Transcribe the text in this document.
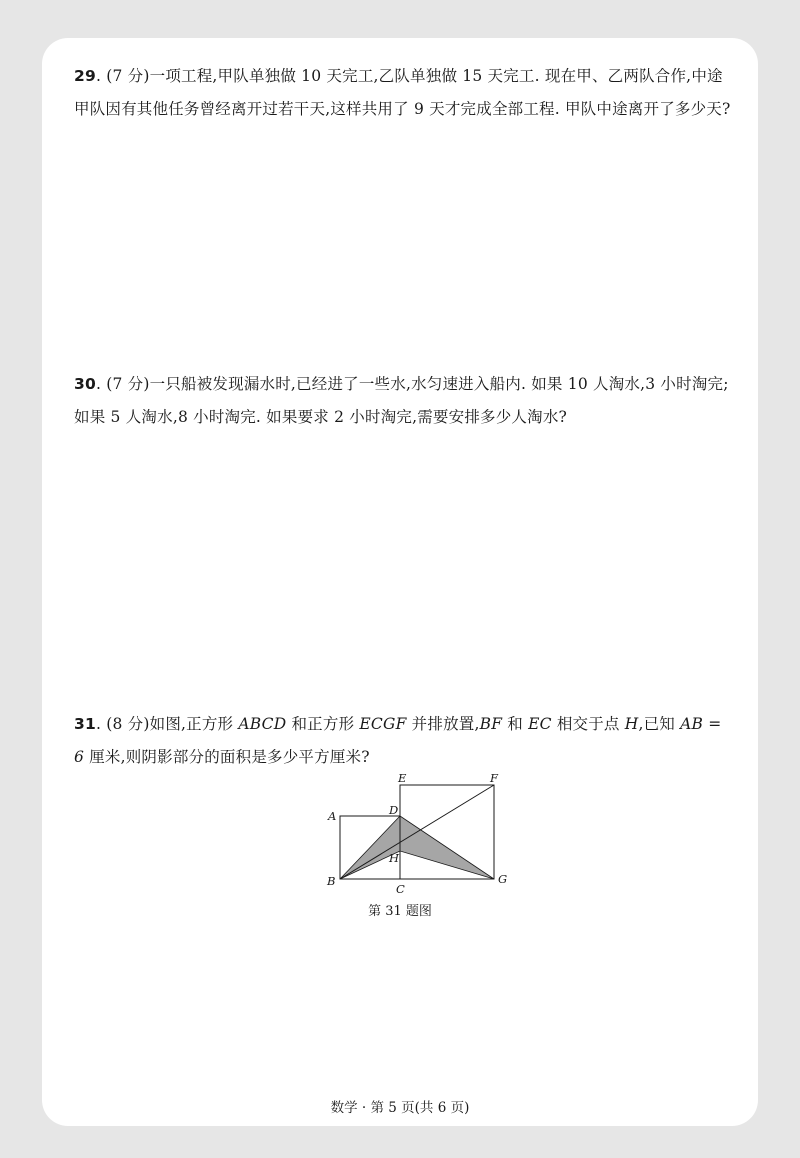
29. (7 分)一项工程,甲队单独做 10 天完工,乙队单独做 15 天完工. 现在甲、乙两队合作,中途甲队因有其他任务曾经离开过若干天,这样共用了 9 天才完成全部工程. 甲队中途离开了多少天?
30. (7 分)一只船被发现漏水时,已经进了一些水,水匀速进入船内. 如果 10 人淘水,3 小时淘完;如果 5 人淘水,8 小时淘完. 如果要求 2 小时淘完,需要安排多少人淘水?
31. (8 分)如图,正方形 ABCD 和正方形 ECGF 并排放置,BF 和 EC 相交于点 H,已知 AB = 6 厘米,则阴影部分的面积是多少平方厘米?
A
B
C
D
E	F
G
H
第 31 题图
数学 · 第 5 页(共 6 页)
